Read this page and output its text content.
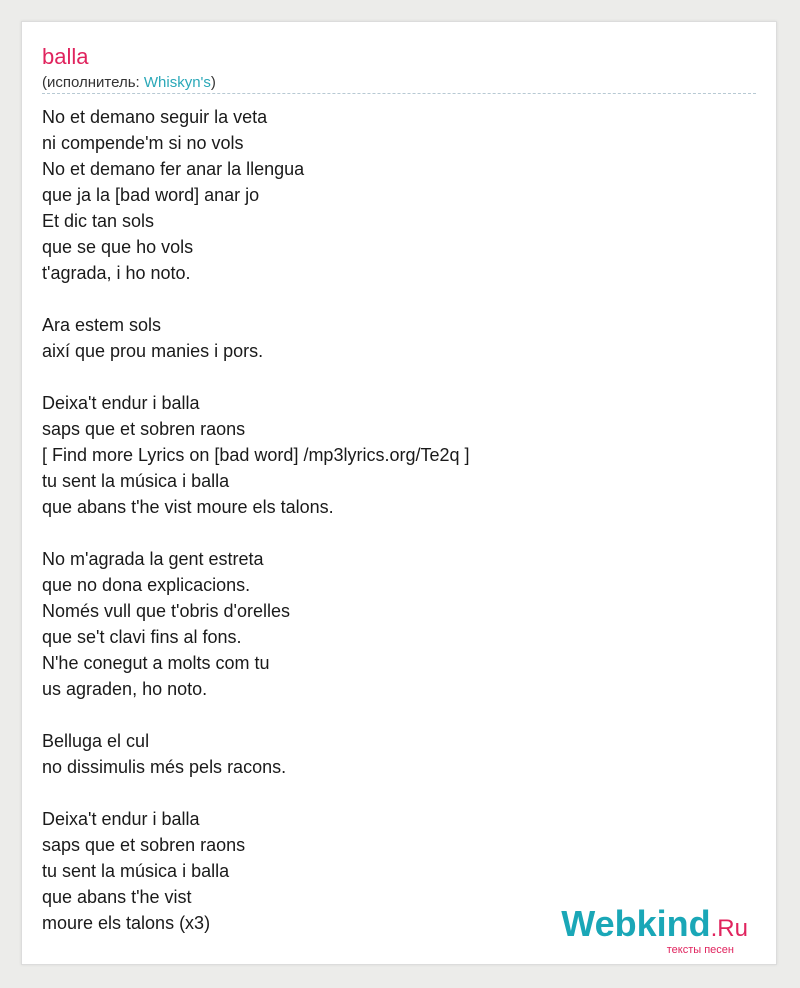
balla
(исполнитель: Whiskyn's)
No et demano seguir la veta
ni compende'm si no vols
No et demano fer anar la llengua
que ja la [bad word] anar jo
Et dic tan sols
que se que ho vols
t'agrada, i ho noto.
Ara estem sols
així que prou manies i pors.
Deixa't endur i balla
saps que et sobren raons
[ Find more Lyrics on [bad word] /mp3lyrics.org/Te2q ]
tu sent la música i balla
que abans t'he vist moure els talons.
No m'agrada la gent estreta
que no dona explicacions.
Només vull que t'obris d'orelles
que se't clavi fins al fons.
N'he conegut a molts com tu
us agraden, ho noto.
Belluga el cul
no dissimulis més pels racons.
Deixa't endur i balla
saps que et sobren raons
tu sent la música i balla
que abans t'he vist
moure els talons (x3)	Webkind.Ru
тексты песен
